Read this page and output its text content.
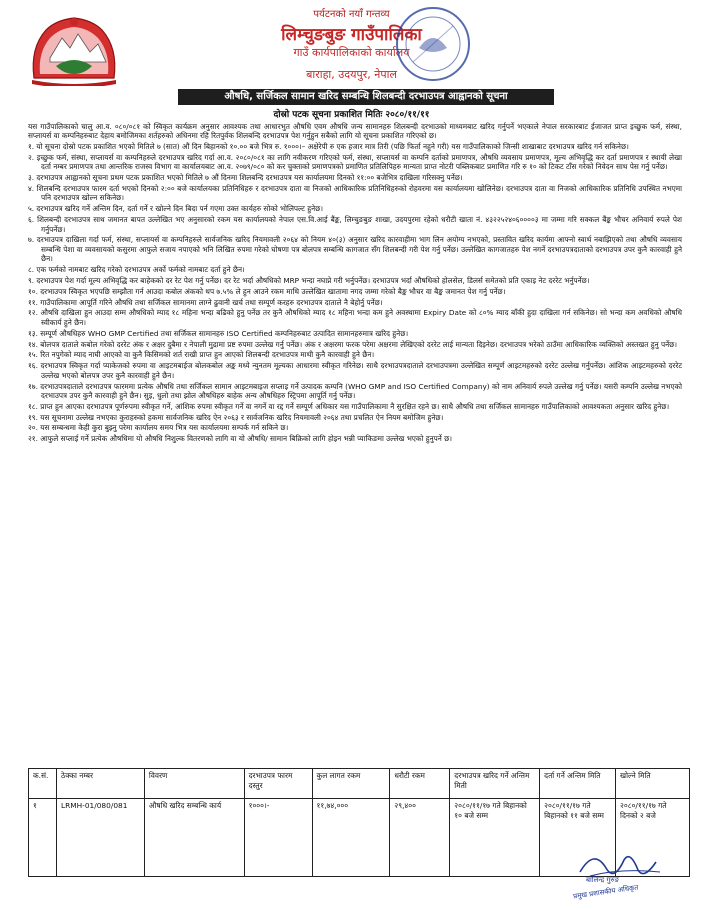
पर्यटनको नयाँ गन्तव्य
लिम्चुङबुङ गाउँपालिका
गाउँ कार्यपालिकाको कार्यालय
बाराहा, उदयपुर, नेपाल
औषधि, सर्जिकल सामान खरिद सम्बन्धि शिलबन्दी दरभाउपत्र आह्वानको सूचना
दोस्रो पटक सूचना प्रकाशित मितिः २०८०/११/११

यस गाउँपालिकाको चालु आ.व. ०८०/०८१ को स्विकृत कार्यक्रम अनुसार आवश्यक तथा आधारभुत औषधि एवम औषधि जन्य सामानहरु शिलबन्दी दरभाउको माध्यमबाट खरिद गर्नुपर्ने भएकाले नेपाल सरकारबाट ईजाजत प्राप्त इच्छुक फर्म, संस्था, सप्लायर्स वा कम्पनिहरुबाट देहाय बमोजिमका शर्तहरुको अधिनमा रहि रितपुर्वक शिलबन्दि दरभाउपत्र पेश गर्नुहुन सबैको लागि यो सूचना प्रकाशित गरिएको छ।

१. यो सूचना दोस्रो पटक प्रकाशित भएको मितिले ७ (सात) औं दिन बिहानको १०.०० बजे भित्र रु. १०००।– अक्षेरेपी रु एक हजार मात्र तिरी (पछि फिर्ता नहुने गरी) यस गाउँपालिकाको जिन्सी शाखाबाट दरभाउपत्र खरिद गर्न सकिनेछ।

२. इच्छुक फर्म, संस्था, सप्लायर्स वा कम्पनिहरुले दरभाउपत्र खरिद गर्दा आ.व. २०८०/०८१ का लागि नवीकरण गरिएको फर्म, संस्था, सप्लायर्स वा कम्पनि दर्ताको प्रमाणपत्र, औषधि व्यवसाय प्रमाणपत्र, मूल्य अभिवृद्धि कर दर्ता प्रमाणपत्र र स्थायी लेखा दर्ता नम्बर प्रमाणपत्र तथा आन्तरिक राजस्व विभाग वा कार्यालयबाट आ.व. २०७९/०८० को कर चुक्ताको प्रमाणपत्रको प्रमाणित प्रतिलिपिहरु मान्यता प्राप्त नोटरी पब्लिकबाट प्रमाणित गरि रु १० को टिकट टाँस गरेको निवेदन साथ पेस गर्नु पर्नेछ।

३. दरभाउपत्र आह्वानको सूचना प्रथम पटक प्रकाशित भएको मितिले ७ औं दिनमा शिलबन्दि दरभाउपत्र यस कार्यालयमा दिनको ११:०० बजेभित्र दाखिला गरिसक्नु पर्नेछ।

४. शिलबन्दि दरभाउपत्र फारम दर्ता भएको दिनको २:०० बजे कार्यालयका प्रतिनिधिहरु र दरभाउपत्र दाता वा निजको आधिकारिक प्रतिनिधिहरुको रोहवरमा यस कार्यालयमा खोलिनेछ। दरभाउपत्र दाता वा निजको आधिकारिक प्रतिनिधि उपस्थित नभएमा पनि दरभाउपत्र खोल्न सकिनेछ।

५. दरभाउपत्र खरिद गर्ने अन्तिम दिन, दर्ता गर्ने र खोल्ने दिन बिदा पर्न गएमा उक्त कार्यहरु सोको भोलिपल्ट हुनेछ।

६. शिलबन्दी दरभाउपत्र साथ जमानत बापत उल्लेखित भए अनुसारको रकम यस कार्यालयको नेपाल एस.वि.आई बैंङ्क, लिम्चुङबुङ शाखा, उदयपुरमा रहेको धरौटी खाता नं. ४३२२५२४०६००००३ मा जम्मा गरि सक्कल बैंङ्क भौचर अनिवार्य रुपले पेश गर्नुपर्नेछ।

७. दरभाउपत्र दाखिला गर्दा फर्म, संस्था, सप्लायर्स वा कम्पनिहरुले सार्वजनिक खरिद नियमावली २०६४ को नियम ४०(३) अनुसार खरिद कारवाहीमा भाग लिन अयोग्य नभएको, प्रस्तावित खरिद कार्यमा आफ्नो स्वार्थ नबाझिएको तथा औषधि व्यवसाय सम्बन्धि पेशा वा व्यवसायको कसुरमा आफुले सजाय नपाएको भनि लिखित रुपमा गरेको घोषणा पत्र बोलपत्र सम्बन्धि कागजात सँग शिलबन्दी गरी पेश गर्नु पर्नेछ। उल्लेखित कागजातहरु पेश नगर्ने दरभाउपत्रदाताको दरभाउपत्र उपर कुनै कारवाही हुने छैन।

८. एक फर्मको नामबाट खरिद गरेको दरभाउपत्र अर्को फर्मको नामबाट दर्ता हुने छैन।

९. दरभाउपत्र पेश गर्दा मूल्य अभिवृद्धि कर बाहेकको दर रेट पेश गर्नु पर्नेछ। दर रेट भर्दा औषधिको MRP भन्दा नघाप्ने गरी भर्नुपर्नेछ। दरभाउपत्र भर्दा औषधिको होलसेल, डिलर्स समेतको प्रति एकाइ नेट दररेट भर्नुपर्नेछ।

१०. दरभाउपत्र स्विकृत भएपछि सम्झौता गर्न आउदा कबोल अंकको थप ७.५% ले हुन आउने रकम माथि उल्लेखित खातामा नगद जम्मा गरेको बैङ्क भौचर वा बैङ्क जमानत पेश गर्नु पर्नेछ।

११. गाउँपालिकामा आपूर्ति गरिने औषधि तथा सर्जिकल सामानमा लाग्ने ढुवानी खर्च तथा सम्पूर्ण करहरु दरभाउपत्र दाताले नै बेहोर्नु पर्नेछ।

१२. औषधि दाखिला हुन आउदा सम्म औषधिको म्याद १८ महिना भन्दा बढिको हुनु पर्नेछ तर कुनै औषधिको म्याद १८ महिना भन्दा कम हुने अवस्थामा Expiry Date को ८०% म्याद बाँकी हुदा दाखिला गर्न सकिनेछ। सो भन्दा कम अवधिको औषधि स्वीकार्य हुने छैन।

१३. सम्पूर्ण औषधिहरु WHO GMP Certified तथा सर्जिकल सामानहरु ISO Certified कम्पनिहरुबाट उत्पादित सामानहरुमात्र खरिद हुनेछ।

१४. बोलपत्र दाताले कबोल गरेको दररेट अंक र अक्षर दुबैमा र नेपाली मुद्रामा प्रष्ट रुपमा उल्लेख गर्नु पर्नेछ। अंक र अक्षरमा फरक परेमा अक्षरमा लेखिएको दररेट लाई मान्यता दिइनेछ। दरभाउपत्र भरेको ठाउँमा आधिकारिक व्यक्तिको अस्तखत हुनु पर्नेछ।

१५. रित नपुगेको म्याद नाघी आएको वा कुनै किसिमको शर्त राखी प्राप्त हुन आएको शिलबन्दी दरभाउपत्र माथी कुनै कारवाही हुने छैन।

१६. दरभाउपत्र स्विकृत गर्दा प्याकेजको रुपमा वा आइटमबाईज बोलकबोल अङ्क मध्ये न्युनतम मूल्यका आधारमा स्वीकृत गरिनेछ। साथै दरभाउपत्रदाताले दरभाउपत्रमा उल्लेखित सम्पूर्ण आइटमहरुको दररेट उल्लेख गर्नुपर्नेछ। आंशिक आइटमहरुको दररेट उल्लेख भएको बोलपत्र उपर कुनै कारवाही हुने छैन।

१७. दरभाउपत्रदाताले दरभाउपत्र फारममा प्रत्येक औषधि तथा सर्जिकल सामान आइटमबाइज सप्लाइ गर्ने उत्पादक कम्पनि (WHO GMP and ISO Certified Company) को नाम अनिवार्य रुपले उल्लेख गर्नु पर्नेछ। यसरी कम्पनि उल्लेख नभएको दरभाउपत्र उपर कुनै कारवाही हुने छैन। सुइ, धुलो तथा झोल औषधिहरु बाहेक अन्य औषधिहरु स्ट्रिपमा आपूर्ति गर्नु पर्नेछ।

१८. प्राप्त हुन आएका दरभाउपत्र पूर्णरुपमा स्वीकृत गर्ने, आंशिक रुपमा स्वीकृत गर्ने वा नगर्ने वा रद्द गर्ने सम्पूर्ण अधिकार यस गाउँपालिकामा नै सुरक्षित रहने छ। साथै औषधि तथा सर्जिकल सामानहरु गाउँपालिकाको आवश्यकता अनुसार खरिद हुनेछ।

१९. यस सूचनामा उल्लेख नभएका कुराहरुको हकमा सार्वजनिक खरिद ऐन २०६३ र सार्वजनिक खरिद नियमावली २०६४ तथा प्रचलित ऐन नियम बमोजिम हुनेछ।

२०. यस सम्बन्धमा केही कुरा बुझ्नु परेमा कार्यालय समय भित्र यस कार्यालयमा सम्पर्क गर्न सकिने छ।

२१. आफुले सप्लाई गर्ने प्रत्येक औषधिमा यो औषधि निशुल्क वितरणको लागि वा यो औषधि/ सामान बिक्रिको लागि होइन भन्नी प्याकिङमा उल्लेख भएको हुनुपर्ने छ।

क.सं.	ठेक्का नम्बर	विवरण	दरभाउपत्र फारम दस्तुर	कुल लागत रकम	धरौटी रकम	दरभाउपत्र खरिद गर्ने अन्तिम मिती	दर्ता गर्ने अन्तिम मिति	खोल्ने मिति
१	LRMH-01/080/081	औषधि खरिद सम्बन्धि कार्य	१०००।-	११,७४,०००	२९,४००	२०८०/११/१७ गते बिहानको १० बजे सम्म	२०८०/११/१७ गते बिहानको ११ बजे सम्म	२०८०/११/१७ गते दिनको २ बजे
बालिन्द्र गुरुङ
प्रमुख प्रशासकीय अधिकृत
